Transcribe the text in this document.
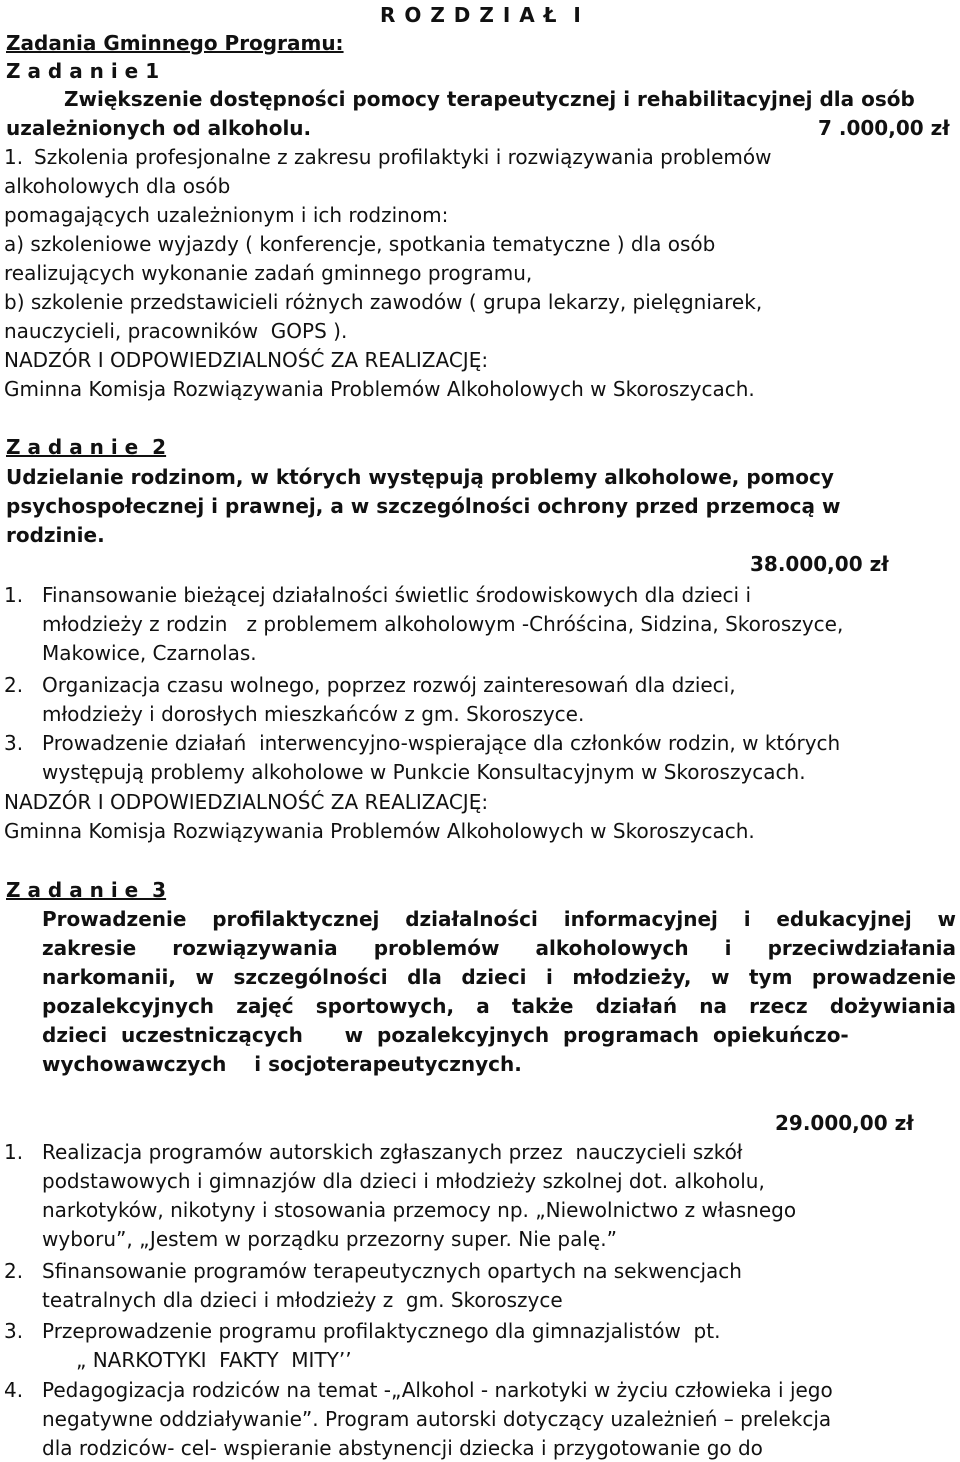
R O Z D Z I A Ł  I
Zadania Gminnego Programu:
Z a d a n i e 1
Zwiększenie dostępności pomocy terapeutycznej i rehabilitacyjnej dla osób
uzależnionych od alkoholu.	7 .000,00 zł
1. Szkolenia profesjonalne z zakresu profilaktyki i rozwiązywania problemów
alkoholowych dla osób
pomagających uzależnionym i ich rodzinom:
a) szkoleniowe wyjazdy ( konferencje, spotkania tematyczne ) dla osób
realizujących wykonanie zadań gminnego programu,
b) szkolenie przedstawicieli różnych zawodów ( grupa lekarzy, pielęgniarek,
nauczycieli, pracowników  GOPS ).
NADZÓR I ODPOWIEDZIALNOŚĆ ZA REALIZACJĘ:
Gminna Komisja Rozwiązywania Problemów Alkoholowych w Skoroszycach.
Z a d a n i e  2
Udzielanie rodzinom, w których występują problemy alkoholowe, pomocy
psychospołecznej i prawnej, a w szczególności ochrony przed przemocą w
rodzinie.
38.000,00 zł
1. Finansowanie bieżącej działalności świetlic środowiskowych dla dzieci i
młodzieży z rodzin   z problemem alkoholowym -Chróścina, Sidzina, Skoroszyce,
Makowice, Czarnolas.
2. Organizacja czasu wolnego, poprzez rozwój zainteresowań dla dzieci,
młodzieży i dorosłych mieszkańców z gm. Skoroszyce.
3. Prowadzenie działań  interwencyjno-wspierające dla członków rodzin, w których
występują problemy alkoholowe w Punkcie Konsultacyjnym w Skoroszycach.
NADZÓR I ODPOWIEDZIALNOŚĆ ZA REALIZACJĘ:
Gminna Komisja Rozwiązywania Problemów Alkoholowych w Skoroszycach.
Z a d a n i e  3
Prowadzenie profilaktycznej działalności informacyjnej i edukacyjnej w
zakresie rozwiązywania problemów alkoholowych i przeciwdziałania
narkomanii, w szczególności dla dzieci i młodzieży, w tym prowadzenie
pozalekcyjnych zajęć sportowych, a także działań na rzecz dożywiania
dzieci  uczestniczących      w  pozalekcyjnych  programach  opiekuńczo-
wychowawczych    i socjoterapeutycznych.
29.000,00 zł
1. Realizacja programów autorskich zgłaszanych przez  nauczycieli szkół
podstawowych i gimnazjów dla dzieci i młodzieży szkolnej dot. alkoholu,
narkotyków, nikotyny i stosowania przemocy np. „Niewolnictwo z własnego
wyboru”, „Jestem w porządku przezorny super. Nie palę.”
2. Sfinansowanie programów terapeutycznych opartych na sekwencjach
teatralnych dla dzieci i młodzieży z  gm. Skoroszyce
3. Przeprowadzenie programu profilaktycznego dla gimnazjalistów  pt.
„ NARKOTYKI  FAKTY  MITY’’
4. Pedagogizacja rodziców na temat -„Alkohol - narkotyki w życiu człowieka i jego
negatywne oddziaływanie”. Program autorski dotyczący uzależnień – prelekcja
dla rodziców- cel- wspieranie abstynencji dziecka i przygotowanie go do
